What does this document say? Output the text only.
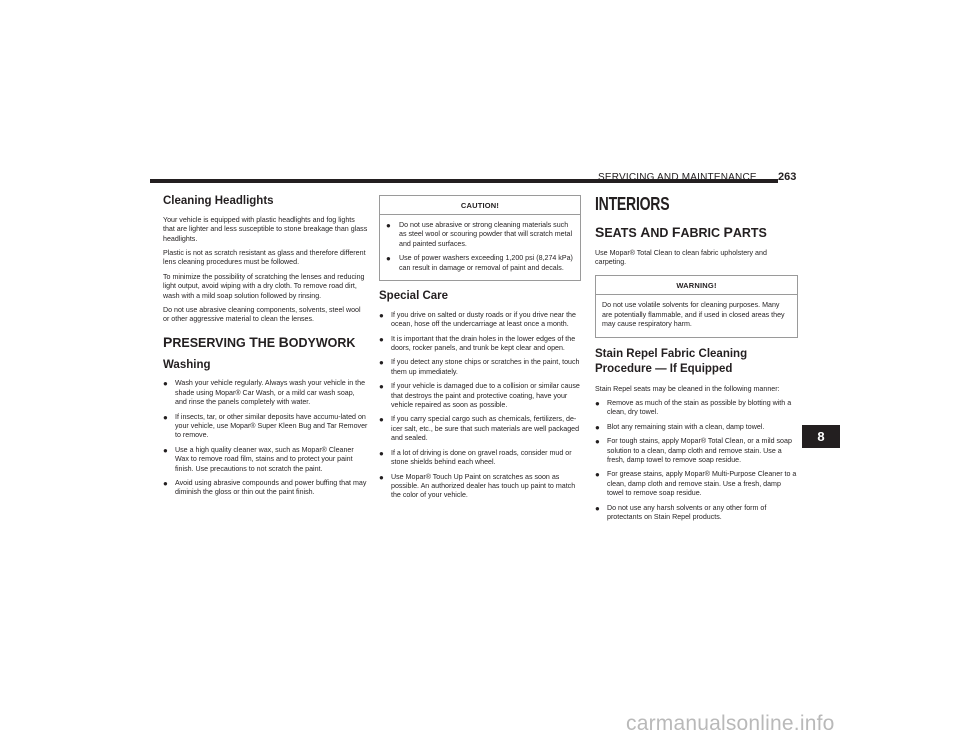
SERVICING AND MAINTENANCE 263
Cleaning Headlights

Your vehicle is equipped with plastic headlights and fog lights that are lighter and less susceptible to stone breakage than glass headlights.

Plastic is not as scratch resistant as glass and therefore different lens cleaning procedures must be followed.

To minimize the possibility of scratching the lenses and reducing light output, avoid wiping with a dry cloth. To remove road dirt, wash with a mild soap solution followed by rinsing.

Do not use abrasive cleaning components, solvents, steel wool or other aggressive material to clean the lenses.

PRESERVING THE BODYWORK
Washing
● Wash your vehicle regularly. Always wash your vehicle in the shade using Mopar® Car Wash, or a mild car wash soap, and rinse the panels completely with water.
● If insects, tar, or other similar deposits have accumu-lated on your vehicle, use Mopar® Super Kleen Bug and Tar Remover to remove.
● Use a high quality cleaner wax, such as Mopar® Cleaner Wax to remove road film, stains and to protect your paint finish. Use precautions to not scratch the paint.
● Avoid using abrasive compounds and power buffing that may diminish the gloss or thin out the paint finish.
CAUTION!
● Do not use abrasive or strong cleaning materials such as steel wool or scouring powder that will scratch metal and painted surfaces.
● Use of power washers exceeding 1,200 psi (8,274 kPa) can result in damage or removal of paint and decals.
Special Care
● If you drive on salted or dusty roads or if you drive near the ocean, hose off the undercarriage at least once a month.
● It is important that the drain holes in the lower edges of the doors, rocker panels, and trunk be kept clear and open.
● If you detect any stone chips or scratches in the paint, touch them up immediately.
● If your vehicle is damaged due to a collision or similar cause that destroys the paint and protective coating, have your vehicle repaired as soon as possible.
● If you carry special cargo such as chemicals, fertilizers, de-icer salt, etc., be sure that such materials are well packaged and sealed.
● If a lot of driving is done on gravel roads, consider mud or stone shields behind each wheel.
● Use Mopar® Touch Up Paint on scratches as soon as possible. An authorized dealer has touch up paint to match the color of your vehicle.
INTERIORS
SEATS AND FABRIC PARTS

Use Mopar® Total Clean to clean fabric upholstery and carpeting.

WARNING!

Do not use volatile solvents for cleaning purposes. Many are potentially flammable, and if used in closed areas they may cause respiratory harm.

Stain Repel Fabric Cleaning Procedure — If Equipped

Stain Repel seats may be cleaned in the following manner:

● Remove as much of the stain as possible by blotting with a clean, dry towel.
● Blot any remaining stain with a clean, damp towel.
● For tough stains, apply Mopar® Total Clean, or a mild soap solution to a clean, damp cloth and remove stain. Use a fresh, damp towel to remove soap residue.
● For grease stains, apply Mopar® Multi-Purpose Cleaner to a clean, damp cloth and remove stain. Use a fresh, damp towel to remove soap residue.
● Do not use any harsh solvents or any other form of protectants on Stain Repel products.
8
carmanualsonline.info
